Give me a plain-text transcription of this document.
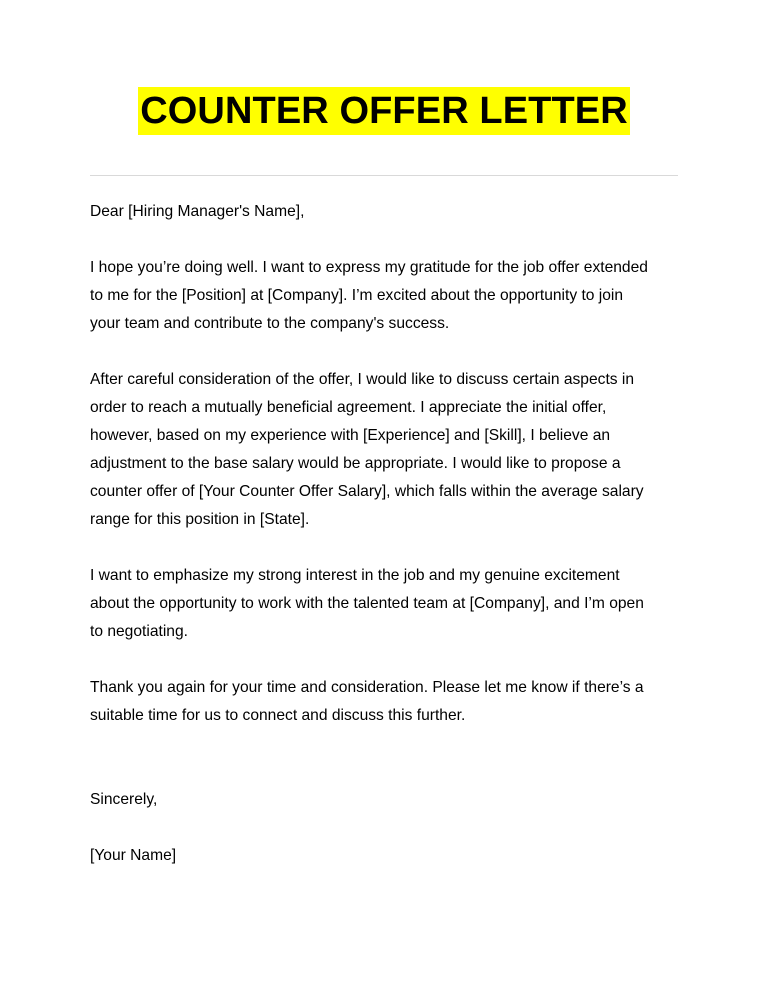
COUNTER OFFER LETTER

Dear [Hiring Manager's Name],

I hope you’re doing well. I want to express my gratitude for the job offer extended
to me for the [Position] at [Company]. I’m excited about the opportunity to join
your team and contribute to the company's success.

After careful consideration of the offer, I would like to discuss certain aspects in
order to reach a mutually beneficial agreement. I appreciate the initial offer,
however, based on my experience with [Experience] and [Skill], I believe an
adjustment to the base salary would be appropriate. I would like to propose a
counter offer of [Your Counter Offer Salary], which falls within the average salary
range for this position in [State].

I want to emphasize my strong interest in the job and my genuine excitement
about the opportunity to work with the talented team at [Company], and I’m open
to negotiating.

Thank you again for your time and consideration. Please let me know if there’s a
suitable time for us to connect and discuss this further.

Sincerely,

[Your Name]
